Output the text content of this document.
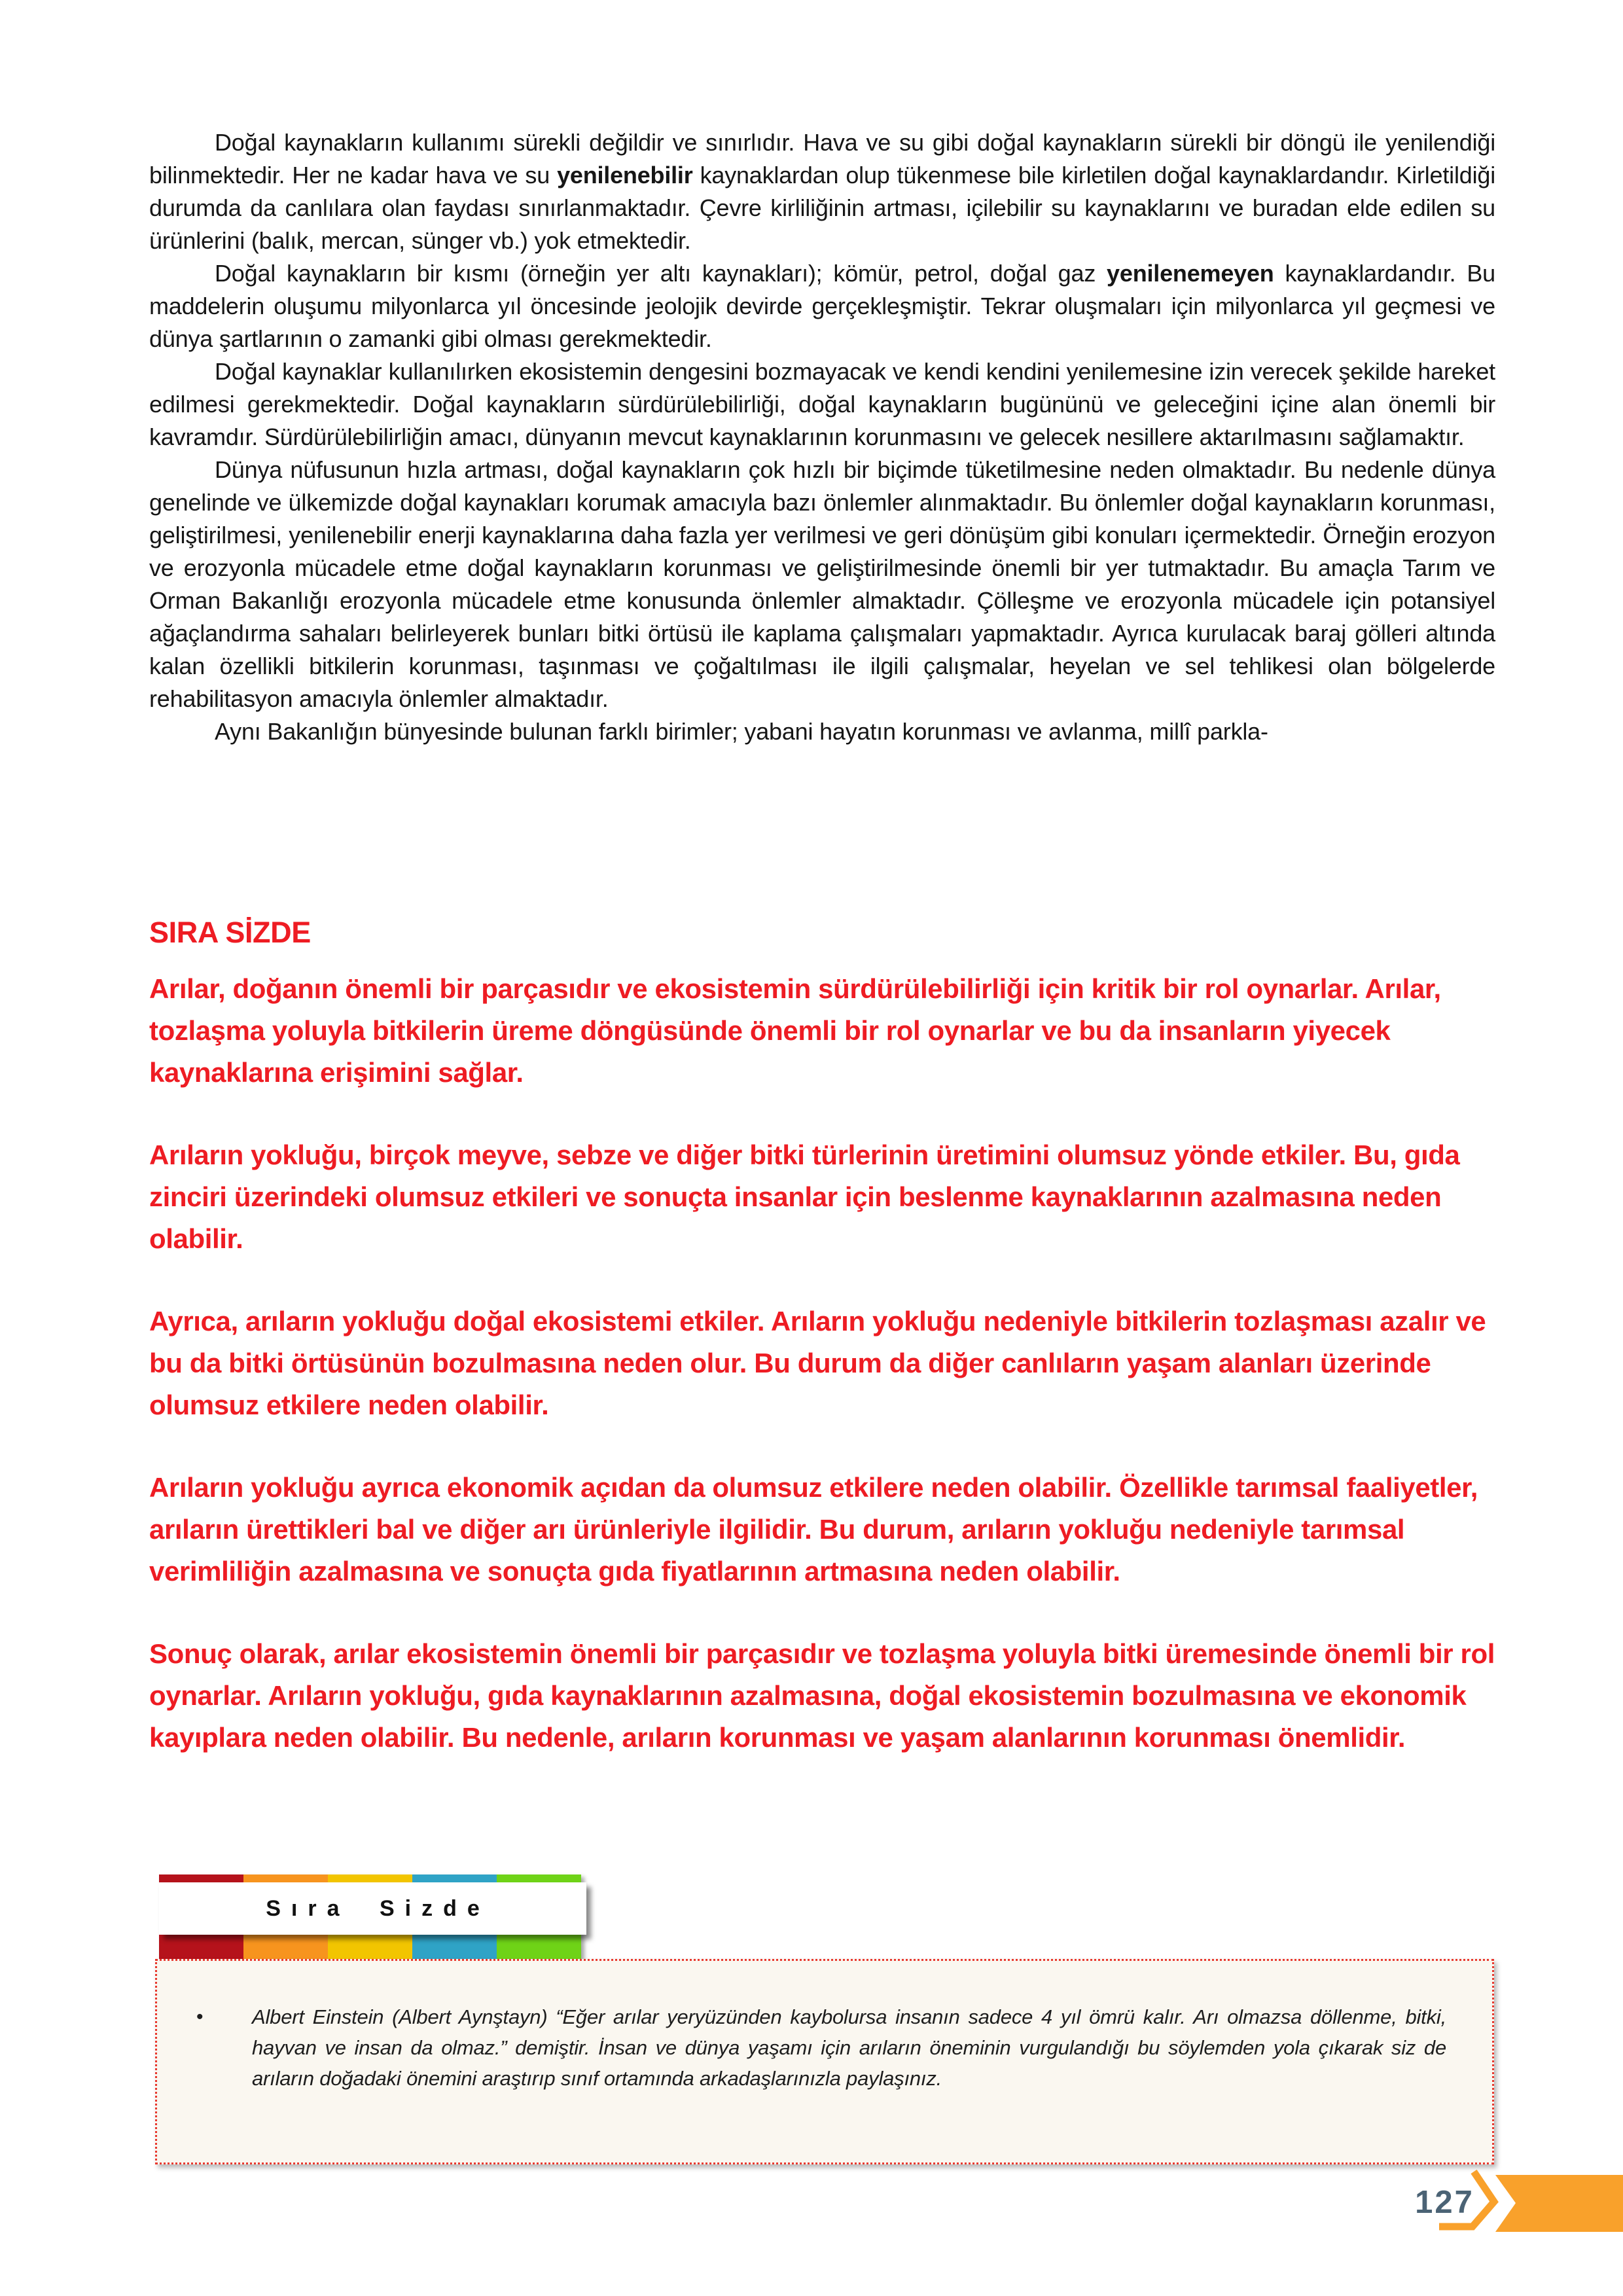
Doğal kaynakların kullanımı sürekli değildir ve sınırlıdır. Hava ve su gibi doğal kaynakların sürekli bir döngü ile yenilendiği bilinmektedir. Her ne kadar hava ve su yenilenebilir kaynaklardan olup tükenmese bile kirletilen doğal kaynaklardandır. Kirletildiği durumda da canlılara olan faydası sınırlanmaktadır. Çevre kirliliğinin artması, içilebilir su kaynaklarını ve buradan elde edilen su ürünlerini (balık, mercan, sünger vb.) yok etmektedir.

Doğal kaynakların bir kısmı (örneğin yer altı kaynakları); kömür, petrol, doğal gaz yenilenemeyen kaynaklardandır. Bu maddelerin oluşumu milyonlarca yıl öncesinde jeolojik devirde gerçekleşmiştir. Tekrar oluşmaları için milyonlarca yıl geçmesi ve dünya şartlarının o zamanki gibi olması gerekmektedir.

Doğal kaynaklar kullanılırken ekosistemin dengesini bozmayacak ve kendi kendini yenilemesine izin verecek şekilde hareket edilmesi gerekmektedir. Doğal kaynakların sürdürülebilirliği, doğal kaynakların bugününü ve geleceğini içine alan önemli bir kavramdır. Sürdürülebilirliğin amacı, dünyanın mevcut kaynaklarının korunmasını ve gelecek nesillere aktarılmasını sağlamaktır.

Dünya nüfusunun hızla artması, doğal kaynakların çok hızlı bir biçimde tüketilmesine neden olmaktadır. Bu nedenle dünya genelinde ve ülkemizde doğal kaynakları korumak amacıyla bazı önlemler alınmaktadır. Bu önlemler doğal kaynakların korunması, geliştirilmesi, yenilenebilir enerji kaynaklarına daha fazla yer verilmesi ve geri dönüşüm gibi konuları içermektedir. Örneğin erozyon ve erozyonla mücadele etme doğal kaynakların korunması ve geliştirilmesinde önemli bir yer tutmaktadır. Bu amaçla Tarım ve Orman Bakanlığı erozyonla mücadele etme konusunda önlemler almaktadır. Çölleşme ve erozyonla mücadele için potansiyel ağaçlandırma sahaları belirleyerek bunları bitki örtüsü ile kaplama çalışmaları yapmaktadır. Ayrıca kurulacak baraj gölleri altında kalan özellikli bitkilerin korunması, taşınması ve çoğaltılması ile ilgili çalışmalar, heyelan ve sel tehlikesi olan bölgelerde rehabilitasyon amacıyla önlemler almaktadır.

Aynı Bakanlığın bünyesinde bulunan farklı birimler; yabani hayatın korunması ve avlanma, millî parkla-

SIRA SİZDE

Arılar, doğanın önemli bir parçasıdır ve ekosistemin sürdürülebilirliği için kritik bir rol oynarlar. Arılar, tozlaşma yoluyla bitkilerin üreme döngüsünde önemli bir rol oynarlar ve bu da insanların yiyecek kaynaklarına erişimini sağlar.

Arıların yokluğu, birçok meyve, sebze ve diğer bitki türlerinin üretimini olumsuz yönde etkiler. Bu, gıda zinciri üzerindeki olumsuz etkileri ve sonuçta insanlar için beslenme kaynaklarının azalmasına neden olabilir.

Ayrıca, arıların yokluğu doğal ekosistemi etkiler. Arıların yokluğu nedeniyle bitkilerin tozlaşması azalır ve bu da bitki örtüsünün bozulmasına neden olur. Bu durum da diğer canlıların yaşam alanları üzerinde olumsuz etkilere neden olabilir.

Arıların yokluğu ayrıca ekonomik açıdan da olumsuz etkilere neden olabilir. Özellikle tarımsal faaliyetler, arıların ürettikleri bal ve diğer arı ürünleriyle ilgilidir. Bu durum, arıların yokluğu nedeniyle tarımsal verimliliğin azalmasına ve sonuçta gıda fiyatlarının artmasına neden olabilir.

Sonuç olarak, arılar ekosistemin önemli bir parçasıdır ve tozlaşma yoluyla bitki üremesinde önemli bir rol oynarlar. Arıların yokluğu, gıda kaynaklarının azalmasına, doğal ekosistemin bozulmasına ve ekonomik kayıplara neden olabilir. Bu nedenle, arıların korunması ve yaşam alanlarının korunması önemlidir.

Sıra Sizde
•	Albert Einstein (Albert Aynştayn) “Eğer arılar yeryüzünden kaybolursa insanın sadece 4 yıl ömrü kalır. Arı olmazsa döllenme, bitki, hayvan ve insan da olmaz.” demiştir. İnsan ve dünya yaşamı için arıların öneminin vurgulandığı bu söylemden yola çıkarak siz de arıların doğadaki önemini araştırıp sınıf ortamında arkadaşlarınızla paylaşınız.
127
